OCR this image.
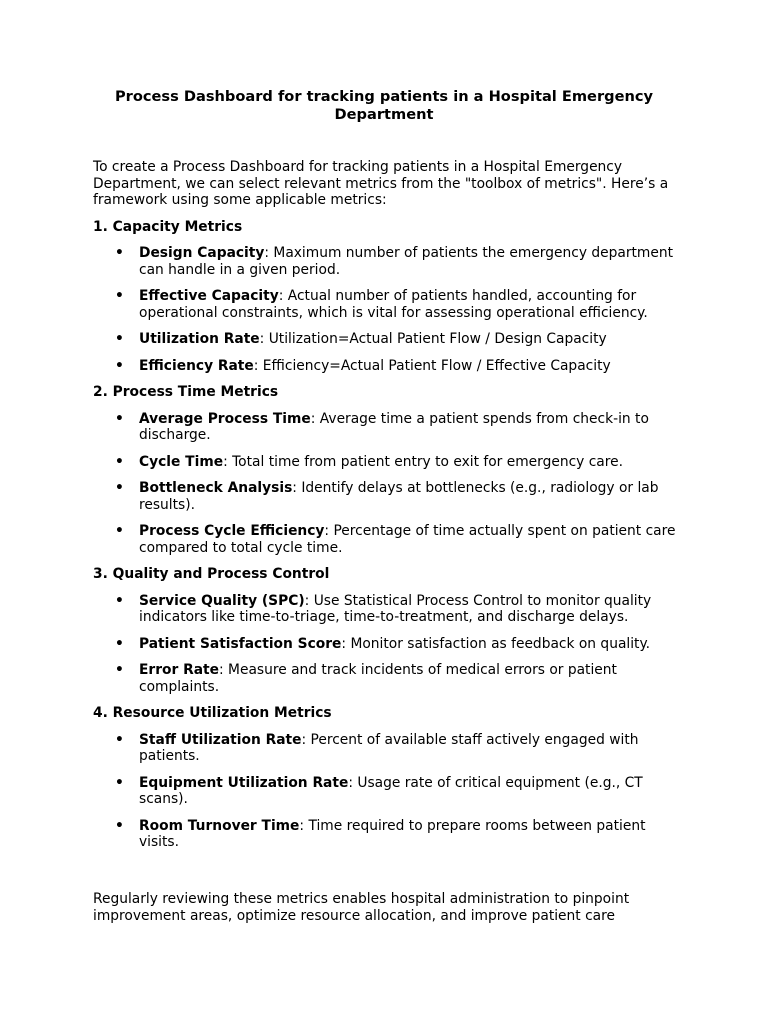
Process Dashboard for tracking patients in a Hospital Emergency Department

To create a Process Dashboard for tracking patients in a Hospital Emergency Department, we can select relevant metrics from the "toolbox of metrics". Here’s a framework using some applicable metrics:

1. Capacity Metrics
• Design Capacity: Maximum number of patients the emergency department can handle in a given period.
• Effective Capacity: Actual number of patients handled, accounting for operational constraints, which is vital for assessing operational efficiency.
• Utilization Rate: Utilization=Actual Patient Flow / Design Capacity
• Efficiency Rate: Efficiency=Actual Patient Flow / Effective Capacity
2. Process Time Metrics
• Average Process Time: Average time a patient spends from check-in to discharge.
• Cycle Time: Total time from patient entry to exit for emergency care.
• Bottleneck Analysis: Identify delays at bottlenecks (e.g., radiology or lab results).
• Process Cycle Efficiency: Percentage of time actually spent on patient care compared to total cycle time.
3. Quality and Process Control
• Service Quality (SPC): Use Statistical Process Control to monitor quality indicators like time-to-triage, time-to-treatment, and discharge delays.
• Patient Satisfaction Score: Monitor satisfaction as feedback on quality.
• Error Rate: Measure and track incidents of medical errors or patient complaints.
4. Resource Utilization Metrics
• Staff Utilization Rate: Percent of available staff actively engaged with patients.
• Equipment Utilization Rate: Usage rate of critical equipment (e.g., CT scans).
• Room Turnover Time: Time required to prepare rooms between patient visits.

Regularly reviewing these metrics enables hospital administration to pinpoint improvement areas, optimize resource allocation, and improve patient care
